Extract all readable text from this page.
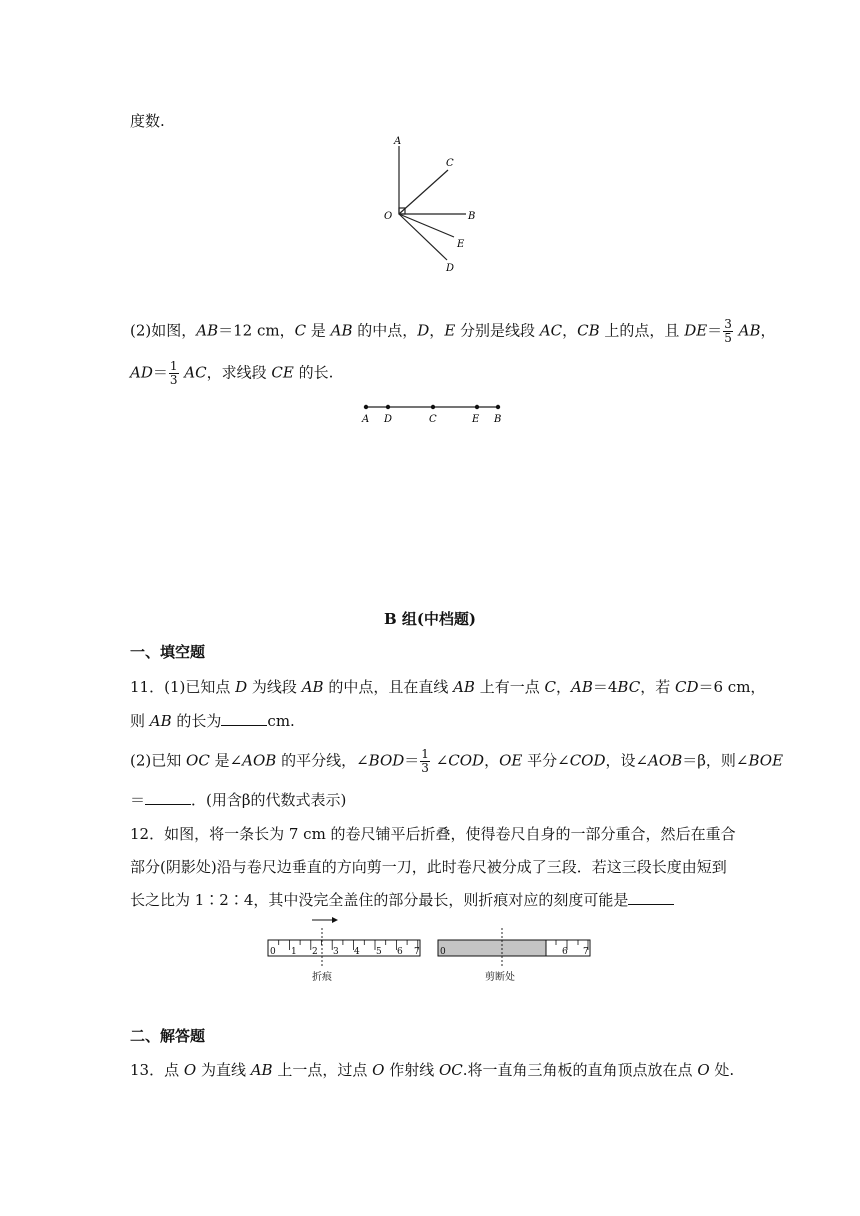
度数.
A
C
O	B
E
D
(2)如图，AB＝12 cm，C 是 AB 的中点，D，E 分别是线段 AC，CB 上的点，且 $DE= \frac{3}{5}$ AB，
$AD= \frac{1}{3}$ AC，求线段 CE 的长.
A D	C	E B
B 组(中档题)
一、填空题
11．(1)已知点 D 为线段 AB 的中点，且在直线 AB 上有一点 C，AB＝4BC，若 CD＝6 cm，
则 AB 的长为	cm.
(2)已知 OC 是∠AOB 的平分线，∠BOD＝ $\frac{1}{3}$ ∠COD，OE 平分∠COD，设∠AOB＝β，则∠BOE
＝	．(用含β的代数式表示)
12．如图，将一条长为 7 cm 的卷尺铺平后折叠，使得卷尺自身的一部分重合，然后在重合
部分(阴影处)沿与卷尺边垂直的方向剪一刀，此时卷尺被分成了三段．若这三段长度由短到
长之比为 1∶2∶4，其中没完全盖住的部分最长，则折痕对应的刻度可能是
0 1 2 3 4 5 6 7
折痕
0	6 7
剪断处
二、解答题
13．点 O 为直线 AB 上一点，过点 O 作射线 OC.将一直角三角板的直角顶点放在点 O 处.
